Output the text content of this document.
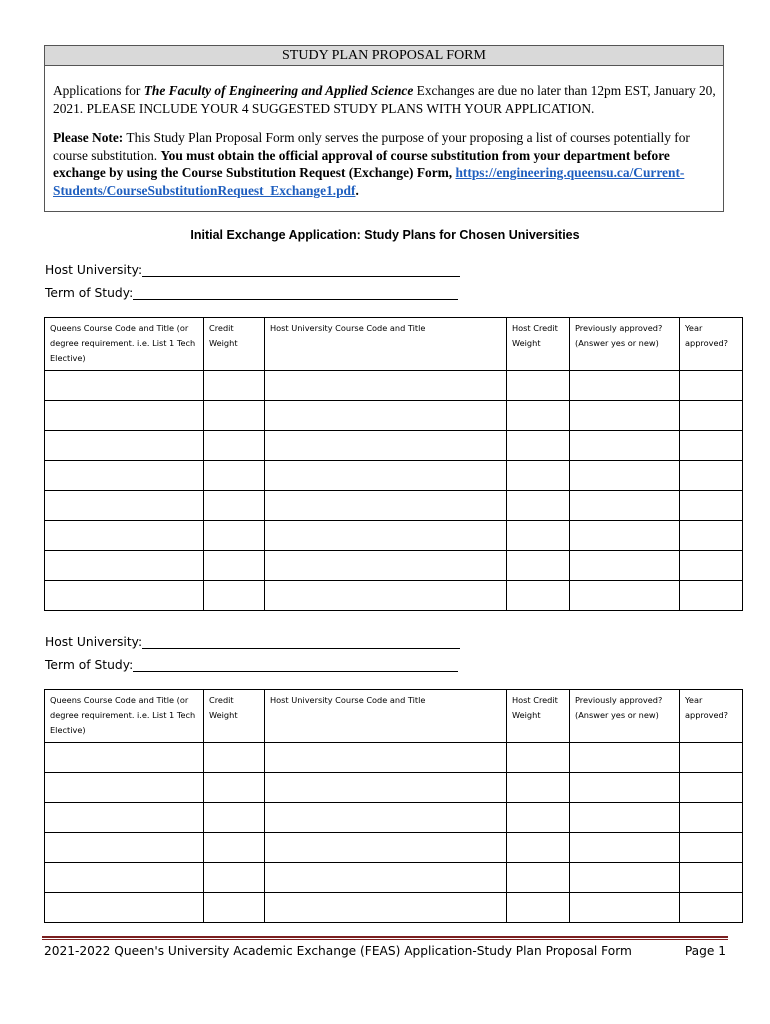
STUDY PLAN PROPOSAL FORM

Applications for The Faculty of Engineering and Applied Science Exchanges are due no later than 12pm EST, January 20, 2021. PLEASE INCLUDE YOUR 4 SUGGESTED STUDY PLANS WITH YOUR APPLICATION.

Please Note: This Study Plan Proposal Form only serves the purpose of your proposing a list of courses potentially for course substitution. You must obtain the official approval of course substitution from your department before exchange by using the Course Substitution Request (Exchange) Form, https://engineering.queensu.ca/Current-Students/CourseSubstitutionRequest_Exchange1.pdf.

Initial Exchange Application: Study Plans for Chosen Universities
Host University:
Term of Study:
Queens Course Code and Title (or degree requirement. i.e. List 1 Tech Elective)	Credit Weight	Host University Course Code and Title	Host Credit Weight	Previously approved? (Answer yes or new)	Year approved?

Host University:
Term of Study:
Queens Course Code and Title (or degree requirement. i.e. List 1 Tech Elective)	Credit Weight	Host University Course Code and Title	Host Credit Weight	Previously approved? (Answer yes or new)	Year approved?

2021-2022 Queen's University Academic Exchange (FEAS) Application-Study Plan Proposal Form	Page 1
